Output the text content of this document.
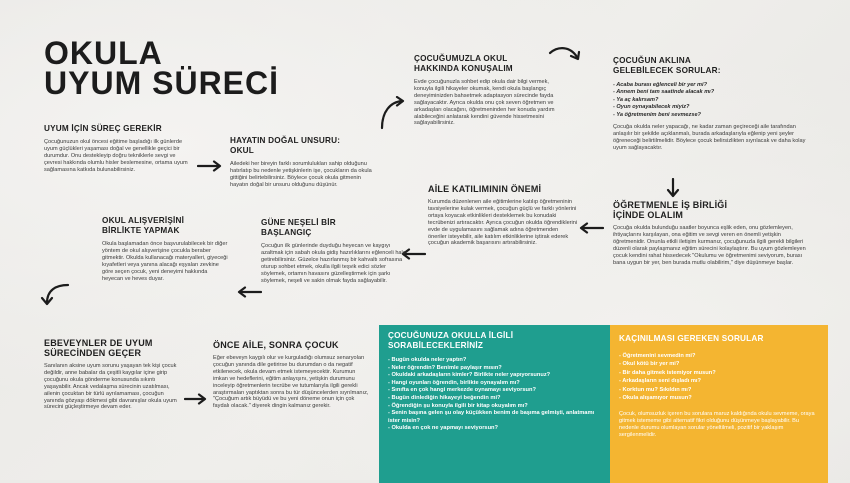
OKULA
UYUM SÜRECİ
UYUM İÇİN SÜREÇ GEREKİR
Çocuğunuzun okul öncesi eğitime başladığı ilk günlerde uyum güçlükleri yaşaması doğal ve genellikle geçici bir durumdur. Onu destekleyip doğru tekniklerle sevgi ve çevresi hakkında olumlu hisler beslemesine, ortama uyum sağlamasına katkıda bulunabilirsiniz.
HAYATIN DOĞAL UNSURU:
OKUL
Ailedeki her bireyin farklı sorumlulukları sahip olduğunu hatırlatıp bu nedenle yetişkinlerin işe, çocukların da okula gittiğini belirtebilirsiniz. Böylece çocuk okula gitmenin hayatın doğal bir unsuru olduğunu düşünür.
ÇOCUĞUMUZLA OKUL
HAKKINDA KONUŞALIM
Evde çocuğunuzla sohbet edip okula dair bilgi vermek, konuyla ilgili hikayeler okumak, kendi okula başlangıç deneyiminizden bahsetmek adaptasyon sürecinde fayda sağlayacaktır. Ayrıca okulda onu çok seven öğretmen ve arkadaşları olacağını, öğretmeninden her konuda yardım alabileceğini anlatarak kendini güvende hissetmesini sağlayabilirsiniz.
ÇOCUĞUN AKLINA
GELEBİLECEK SORULAR:
- Acaba burası eğlenceli bir yer mi?
- Annem beni tam saatinde alacak mı?
- Ya aç kalırsam?
- Oyun oynayabilecek miyiz?
- Ya öğretmenim beni sevmezse?
Çocuğa okulda neler yapacağı, ne kadar zaman geçireceği aile tarafından anlaşılır bir şekilde açıklanmalı, burada arkadaşlarıyla eğlenip yeni şeyler öğreneceği belirtilmelidir. Böylece çocuk belirsizlikten sıyrılacak ve daha kolay uyum sağlayacaktır.
ÖĞRETMENLE İŞ BİRLİĞİ
İÇİNDE OLALIM
Çocuğa okulda bulunduğu saatler boyunca eşlik eden, onu gözlemleyen, ihtiyaçlarını karşılayan, ona eğitim ve sevgi veren en önemli yetişkin öğretmenidir. Onunla etkili iletişim kurmanız, çocuğunuzla ilgili gerekli bilgileri düzenli olarak paylaşmanız eğitim sürecini kolaylaştırır. Bu uyum gözlemleyen çocuk kendini rahat hissedecek "Okulumu ve öğretmenimi seviyorum, burası bana uygun bir yer, ben burada mutlu olabilirim," diye düşünmeye başlar.
AİLE KATILIMININ ÖNEMİ
Kurumda düzenlenen aile eğitimlerine katılıp öğretmeninin tavsiyelerine kulak vermek, çocuğun güçlü ve farklı yönlerini ortaya koyacak etkinlikleri desteklemek bu konudaki tecrübenizi artıracaktır. Ayrıca çocuğun okulda öğrendiklerini evde de uygulamasını sağlamak adına öğretmenden öneriler isteyebilir, aile katılım etkinliklerine iştirak ederek çocuğun akademik başarısını artırabilirsiniz.
GÜNE NEŞELİ BİR
BAŞLANGIÇ
Çocuğun ilk günlerinde duyduğu heyecan ve kaygıyı azaltmak için sabah okula gidiş hazırlıklarını eğlenceli hale getirebilirsiniz. Güzelce hazırlanmış bir kahvaltı sofrasına oturup sohbet etmek, okulla ilgili teşvik edici sözler söylemek, ortamın havasını güzelleştirmek için şarkı söylemek, neşeli ve sakin olmak fayda sağlayabilir.
OKUL ALIŞVERİŞİNİ
BİRLİKTE YAPMAK
Okula başlamadan önce başvurulabilecek bir diğer yöntem de okul alışverişine çocukla beraber gitmektir. Okulda kullanacağı materyalleri, giyeceği kıyafetleri veya yanına alacağı eşyaları zevkine göre seçen çocuk, yeni deneyimi hakkında heyecan ve heves duyar.
EBEVEYNLER DE UYUM
SÜRECİNDEN GEÇER
Sanılanın aksine uyum sorunu yaşayan tek kişi çocuk değildir, anne babalar da çeşitli kaygılar içine girip çocuğunu okula gönderme konusunda sıkıntı yaşayabilir. Ancak vedalaşma sürecinin uzatılması, ailenin çocuktan bir türlü ayrılamaması, çocuğun yanında gözyaşı dökmesi gibi davranışlar okula uyum sürecini güçleştirmeye devam eder.
ÖNCE AİLE, SONRA ÇOCUK
Eğer ebeveyn kaygılı olur ve kurguladığı olumsuz senaryoları çocuğun yanında dile getirirse bu durumdan o da negatif etkilenecek, okula devam etmek istemeyecektir. Kurumun imkan ve hedeflerini, eğitim anlayışını, yetişkin durumunu inceleyip öğretmenlerin tecrübe ve tutumlarıyla ilgili gerekli araştırmaları yaptıktan sonra bu tür düşüncelerden sıyrılmanız, "Çocuğum artık büyüdü ve bu yeni döneme onun için çok faydalı olacak." diyerek dingin kalmanız gerekir.
ÇOCUĞUNUZA OKULLA İLGİLİ
SORABİLECEKLERİNİZ
- Bugün okulda neler yaptın?
- Neler öğrendin? Benimle paylaşır mısın?
- Okuldaki arkadaşların kimler? Birlikte neler yapıyorsunuz?
- Hangi oyunları öğrendin, birlikte oynayalım mı?
- Sınıfta en çok hangi merkezde oynamayı seviyorsun?
- Bugün dinlediğin hikayeyi beğendin mi?
- Öğrendiğin şu konuyla ilgili bir kitap okuyalım mı?
- Senin başına gelen şu olay küçükken benim de başıma gelmişti, anlatmamı ister misin?
- Okulda en çok ne yapmayı seviyorsun?
KAÇINILMASI GEREKEN SORULAR
- Öğretmenini sevmedin mi?
- Okul kötü bir yer mi?
- Bir daha gitmek istemiyor musun?
- Arkadaşların seni dışladı mı?
- Korktun mu? Sıkıldın mı?
- Okula alışamıyor musun?
Çocuk, olumsuzluk içeren bu sorulara maruz kaldığında okulu sevmeme, oraya gitmek istememe gibi alternatif fikri olduğunu düşünmeye başlayabilir. Bu nedenle durumu olumlayan sorular yöneltilmeli, pozitif bir yaklaşım sergilenmelidir.
